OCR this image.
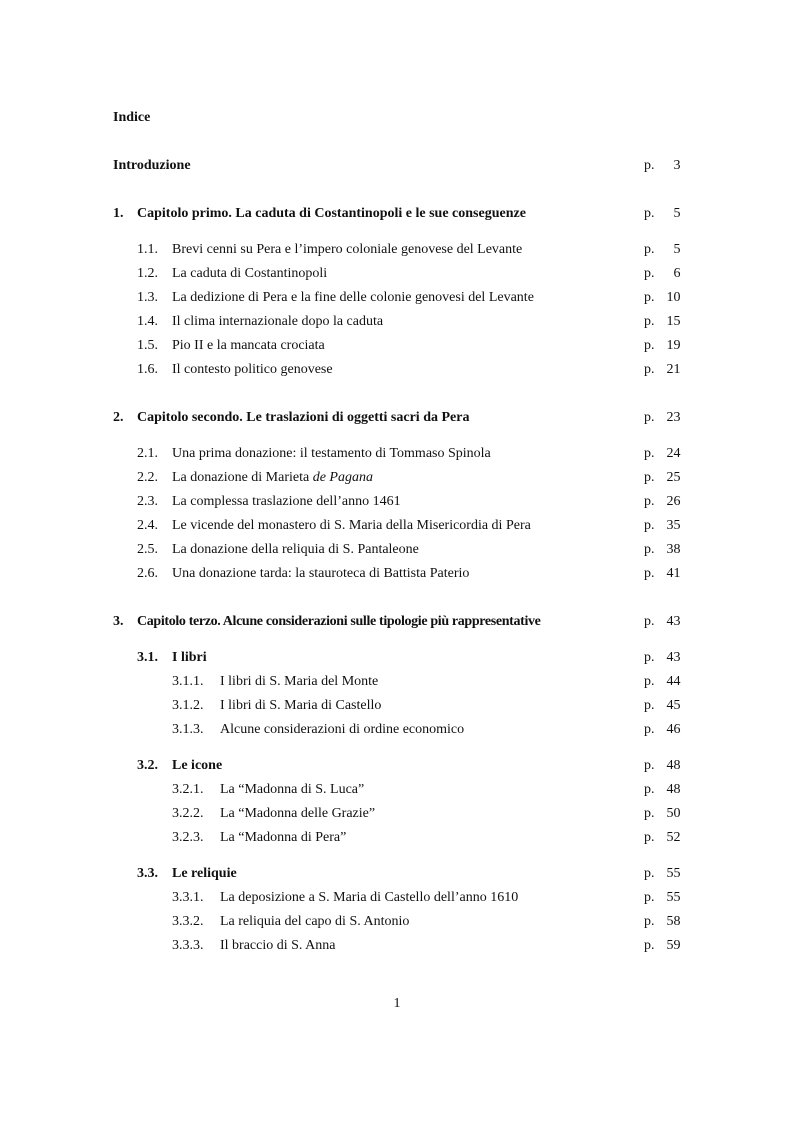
Indice
Introduzione	p. 3
1. Capitolo primo. La caduta di Costantinopoli e le sue conseguenze	p. 5
1.1. Brevi cenni su Pera e l’impero coloniale genovese del Levante	p. 5
1.2. La caduta di Costantinopoli	p. 6
1.3. La dedizione di Pera e la fine delle colonie genovesi del Levante	p. 10
1.4. Il clima internazionale dopo la caduta	p. 15
1.5. Pio II e la mancata crociata	p. 19
1.6. Il contesto politico genovese	p. 21
2. Capitolo secondo. Le traslazioni di oggetti sacri da Pera	p. 23
2.1. Una prima donazione: il testamento di Tommaso Spinola	p. 24
2.2. La donazione di Marieta de Pagana	p. 25
2.3. La complessa traslazione dell’anno 1461	p. 26
2.4. Le vicende del monastero di S. Maria della Misericordia di Pera	p. 35
2.5. La donazione della reliquia di S. Pantaleone	p. 38
2.6. Una donazione tarda: la stauroteca di Battista Paterio	p. 41
3. Capitolo terzo. Alcune considerazioni sulle tipologie più rappresentative	p. 43
3.1. I libri	p. 43
3.1.1. I libri di S. Maria del Monte	p. 44
3.1.2. I libri di S. Maria di Castello	p. 45
3.1.3. Alcune considerazioni di ordine economico	p. 46
3.2. Le icone	p. 48
3.2.1. La “Madonna di S. Luca”	p. 48
3.2.2. La “Madonna delle Grazie”	p. 50
3.2.3. La “Madonna di Pera”	p. 52
3.3. Le reliquie	p. 55
3.3.1. La deposizione a S. Maria di Castello dell’anno 1610	p. 55
3.3.2. La reliquia del capo di S. Antonio	p. 58
3.3.3. Il braccio di S. Anna	p. 59
1
